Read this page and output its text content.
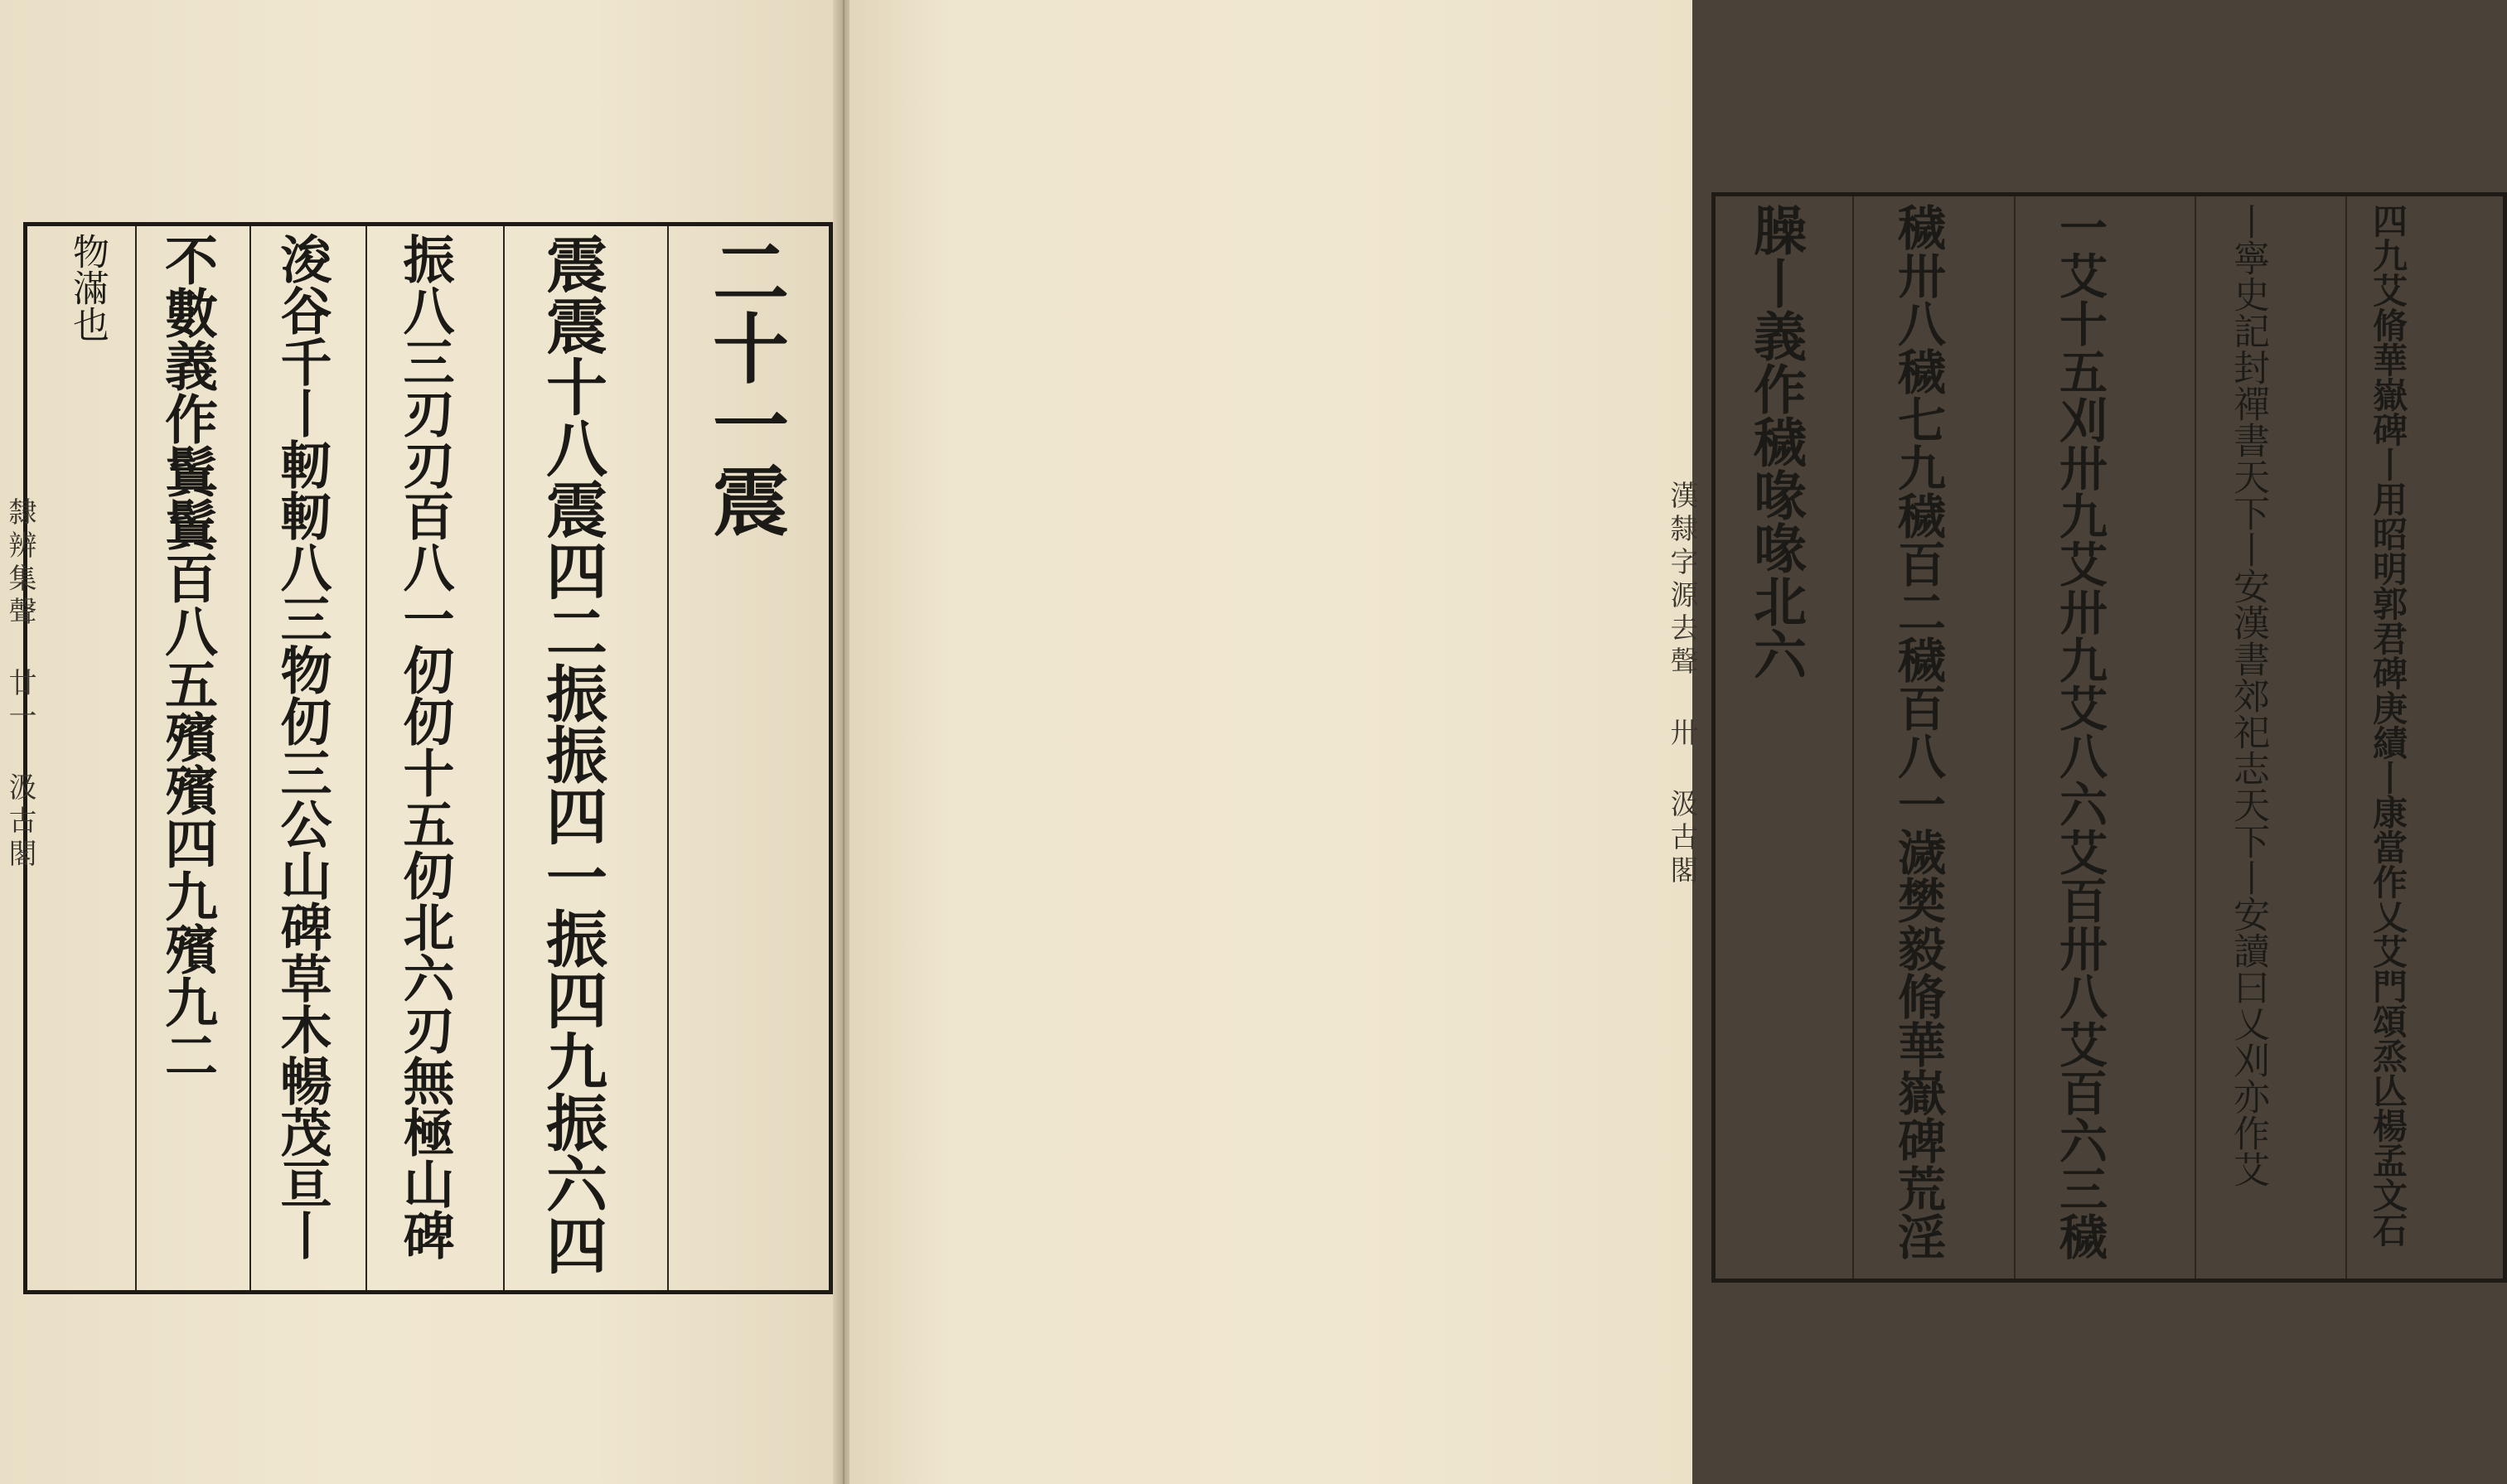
二十一震
震震十八震四二振振四一振四九振六四
振八三刃刃百八一仞仞十五仞北六刃無極山碑
浚谷千丨軔軔八三物仞三公山碑草木暢茂亘丨
不數義作鬒鬒百八五殯殯四九殯九二
物滿也
隸辨集聲 廿一 汲古閣	四九艾脩華嶽碑丨用昭明郭君碑庚績丨康當作乂艾門頌烝亾楊孟文石
丨寧史記封禪書天下丨安漢書郊祀志天下丨安讀曰乂刈亦作艾
一艾十五刈卅九艾卅九艾八六艾百卅八艾百六三穢
穢卅八穢七九穢百二穢百八一濊樊毅脩華嶽碑荒淫
臊丨義作穢喙喙北六
漢隸字源去聲 卅 汲古閣
